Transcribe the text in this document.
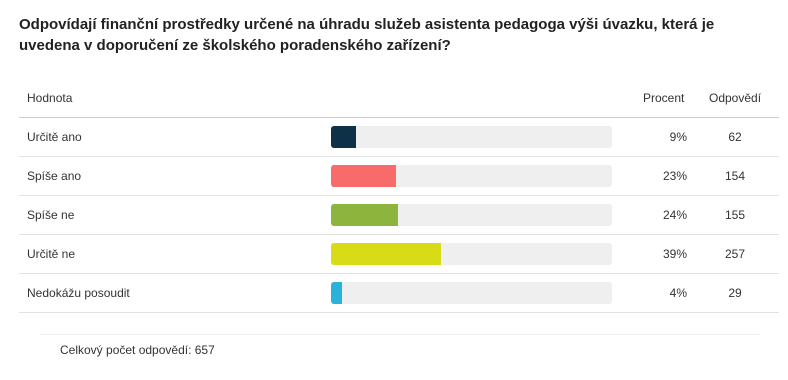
Odpovídají finanční prostředky určené na úhradu služeb asistenta pedagoga výši úvazku, která je uvedena v doporučení ze školského poradenského zařízení?
Hodnota	Procent Odpovědí
Určitě ano	9%	62
Spíše ano	23%	154
Spíše ne	24%	155
Určitě ne	39%	257
Nedokážu posoudit	4%	29
Celkový počet odpovědí: 657
